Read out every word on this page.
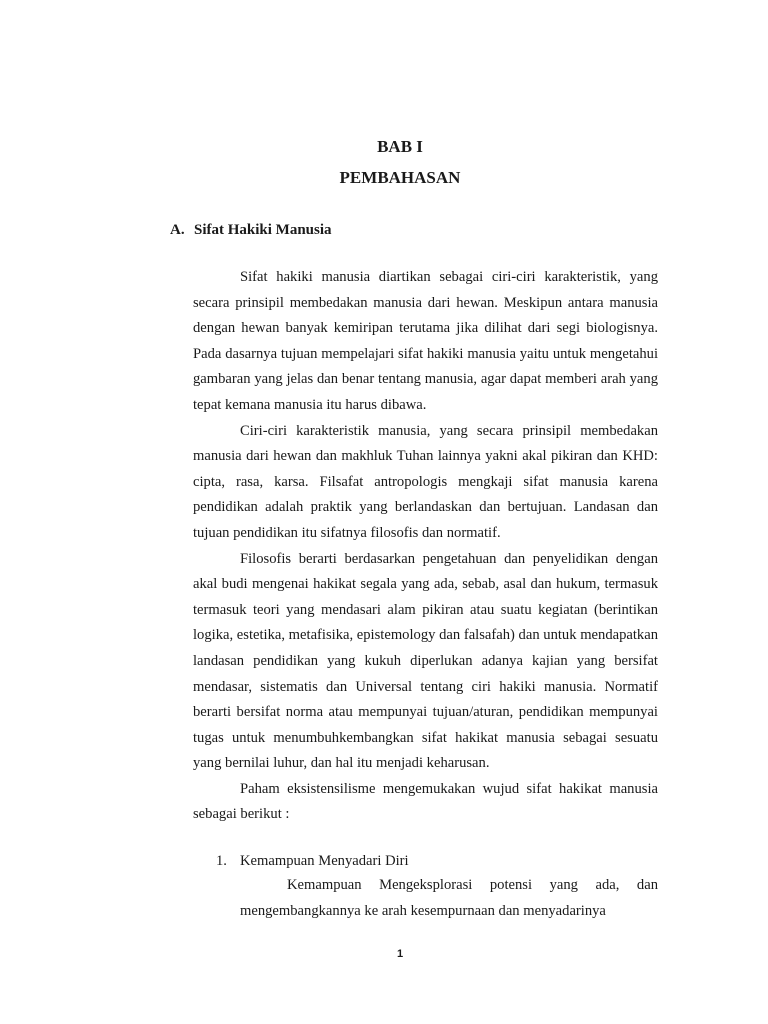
BAB I
PEMBAHASAN
A. Sifat Hakiki Manusia

Sifat hakiki manusia diartikan sebagai ciri-ciri karakteristik, yang secara prinsipil membedakan manusia dari hewan. Meskipun antara manusia dengan hewan banyak kemiripan terutama jika dilihat dari segi biologisnya. Pada dasarnya tujuan mempelajari sifat hakiki manusia yaitu untuk mengetahui gambaran yang jelas dan benar tentang manusia, agar dapat memberi arah yang tepat kemana manusia itu harus dibawa.

Ciri-ciri karakteristik manusia, yang secara prinsipil membedakan manusia dari hewan dan makhluk Tuhan lainnya yakni akal pikiran dan KHD: cipta, rasa, karsa. Filsafat antropologis mengkaji sifat manusia karena pendidikan adalah praktik yang berlandaskan dan bertujuan. Landasan dan tujuan pendidikan itu sifatnya filosofis dan normatif.

Filosofis berarti berdasarkan pengetahuan dan penyelidikan dengan akal budi mengenai hakikat segala yang ada, sebab, asal dan hukum, termasuk termasuk teori yang mendasari alam pikiran atau suatu kegiatan (berintikan logika, estetika, metafisika, epistemology dan falsafah) dan untuk mendapatkan landasan pendidikan yang kukuh diperlukan adanya kajian yang bersifat mendasar, sistematis dan Universal tentang ciri hakiki manusia. Normatif berarti bersifat norma atau mempunyai tujuan/aturan, pendidikan mempunyai tugas untuk menumbuhkembangkan sifat hakikat manusia sebagai sesuatu yang bernilai luhur, dan hal itu menjadi keharusan.

Paham eksistensilisme mengemukakan wujud sifat hakikat manusia sebagai berikut :

1. Kemampuan Menyadari Diri

Kemampuan Mengeksplorasi potensi yang ada, dan mengembangkannya ke arah kesempurnaan dan menyadarinya

1
